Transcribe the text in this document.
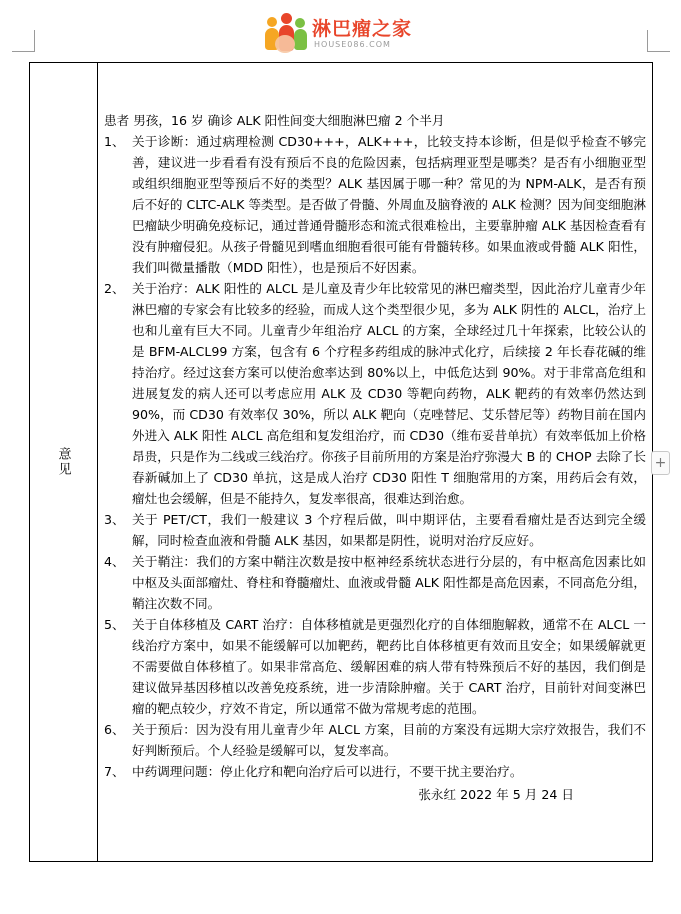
淋巴瘤之家
HOUSE086.COM
意见

患者 男孩，16 岁 确诊 ALK 阳性间变大细胞淋巴瘤 2 个半月

1、 关于诊断：通过病理检测 CD30+++，ALK+++，比较支持本诊断，但是似乎检查不够完善，建议进一步看看有没有预后不良的危险因素，包括病理亚型是哪类？是否有小细胞亚型或组织细胞亚型等预后不好的类型？ALK 基因属于哪一种？常见的为 NPM-ALK，是否有预后不好的 CLTC-ALK 等类型。是否做了骨髓、外周血及脑脊液的 ALK 检测？因为间变细胞淋巴瘤缺少明确免疫标记，通过普通骨髓形态和流式很难检出，主要靠肿瘤 ALK 基因检查看有没有肿瘤侵犯。从孩子骨髓见到嗜血细胞看很可能有骨髓转移。如果血液或骨髓 ALK 阳性，我们叫微量播散（MDD 阳性），也是预后不好因素。
2、 关于治疗：ALK 阳性的 ALCL 是儿童及青少年比较常见的淋巴瘤类型，因此治疗儿童青少年淋巴瘤的专家会有比较多的经验，而成人这个类型很少见，多为 ALK 阴性的 ALCL，治疗上也和儿童有巨大不同。儿童青少年组治疗 ALCL 的方案，全球经过几十年探索，比较公认的是 BFM-ALCL99 方案，包含有 6 个疗程多药组成的脉冲式化疗，后续接 2 年长春花碱的维持治疗。经过这套方案可以使治愈率达到 80%以上，中低危达到 90%。对于非常高危组和进展复发的病人还可以考虑应用 ALK 及 CD30 等靶向药物，ALK 靶药的有效率仍然达到 90%，而 CD30 有效率仅 30%，所以 ALK 靶向（克唑替尼、艾乐替尼等）药物目前在国内外进入 ALK 阳性 ALCL 高危组和复发组治疗，而 CD30（维布妥昔单抗）有效率低加上价格昂贵，只是作为二线或三线治疗。你孩子目前所用的方案是治疗弥漫大 B 的 CHOP 去除了长春新碱加上了 CD30 单抗，这是成人治疗 CD30 阳性 T 细胞常用的方案，用药后会有效，瘤灶也会缓解，但是不能持久，复发率很高，很难达到治愈。
3、 关于 PET/CT，我们一般建议 3 个疗程后做，叫中期评估，主要看看瘤灶是否达到完全缓解，同时检查血液和骨髓 ALK 基因，如果都是阴性，说明对治疗反应好。
4、 关于鞘注：我们的方案中鞘注次数是按中枢神经系统状态进行分层的，有中枢高危因素比如中枢及头面部瘤灶、脊柱和脊髓瘤灶、血液或骨髓 ALK 阳性都是高危因素，不同高危分组，鞘注次数不同。
5、 关于自体移植及 CART 治疗：自体移植就是更强烈化疗的自体细胞解救，通常不在 ALCL 一线治疗方案中，如果不能缓解可以加靶药，靶药比自体移植更有效而且安全；如果缓解就更不需要做自体移植了。如果非常高危、缓解困难的病人带有特殊预后不好的基因，我们倒是建议做异基因移植以改善免疫系统，进一步清除肿瘤。关于 CART 治疗，目前针对间变淋巴瘤的靶点较少，疗效不肯定，所以通常不做为常规考虑的范围。
6、 关于预后：因为没有用儿童青少年 ALCL 方案，目前的方案没有远期大宗疗效报告，我们不好判断预后。个人经验是缓解可以，复发率高。
7、 中药调理问题：停止化疗和靶向治疗后可以进行，不要干扰主要治疗。
张永红 2022 年 5 月 24 日
+
